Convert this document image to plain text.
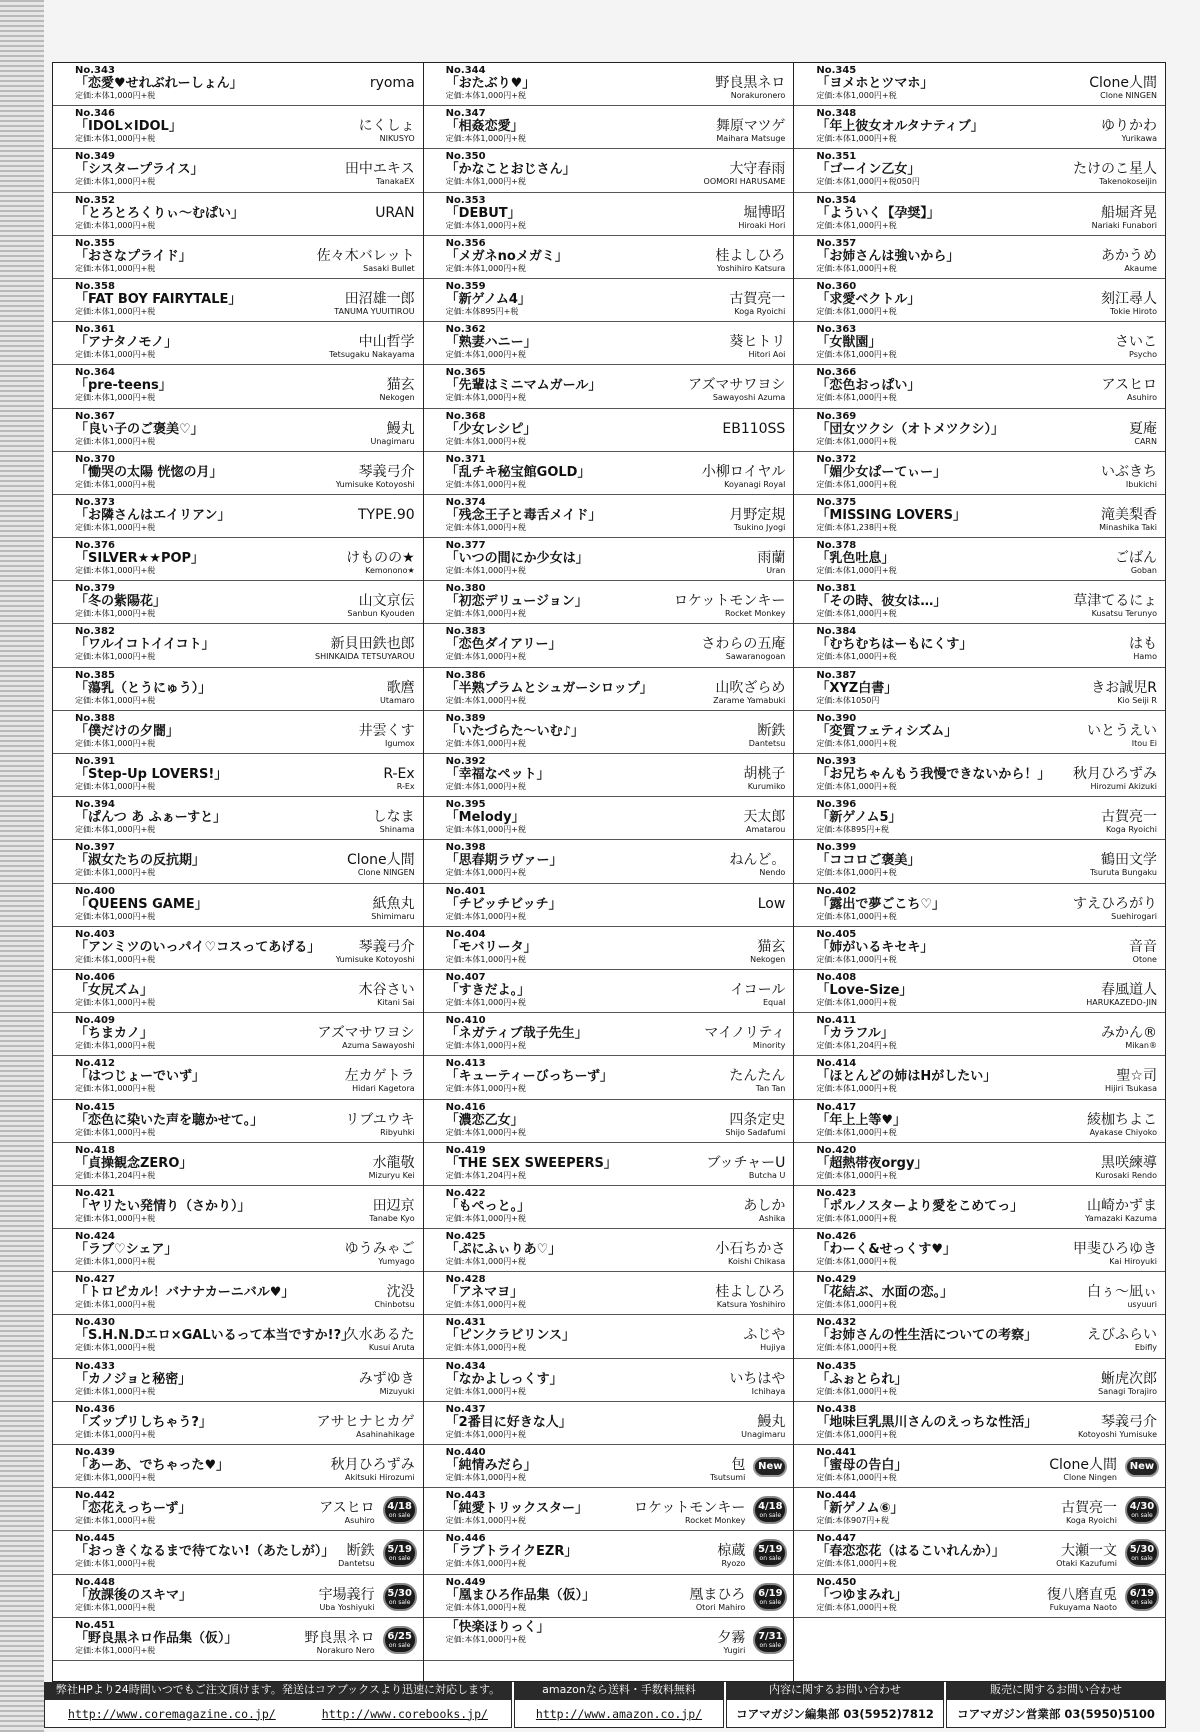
No.343
「恋愛♥せれぶれーしょん」
定価:本体1,000円+税
ryoma
No.346
「IDOL×IDOL」
定価:本体1,000円+税
にくしょ
NIKUSYO
No.349
「シスタープライス」
定価:本体1,000円+税
田中エキス
TanakaEX
No.352
「とろとろくりぃ〜むぱい」
定価:本体1,000円+税
URAN
No.355
「おさなプライド」
定価:本体1,000円+税
佐々木バレット
Sasaki Bullet
No.358
「FAT BOY FAIRYTALE」
定価:本体1,000円+税
田沼雄一郎
TANUMA YUUITIROU
No.361
「アナタノモノ」
定価:本体1,000円+税
中山哲学
Tetsugaku Nakayama
No.364
「pre-teens」
定価:本体1,000円+税
猫玄
Nekogen
No.367
「良い子のご褒美♡」
定価:本体1,000円+税
鰻丸
Unagimaru
No.370
「慟哭の太陽 恍惚の月」
定価:本体1,000円+税
琴義弓介
Yumisuke Kotoyoshi
No.373
「お隣さんはエイリアン」
定価:本体1,000円+税
TYPE.90
No.376
「SILVER★★POP」
定価:本体1,000円+税
けものの★
Kemonono★
No.379
「冬の紫陽花」
定価:本体1,000円+税
山文京伝
Sanbun Kyouden
No.382
「ワルイコトイイコト」
定価:本体1,000円+税
新貝田鉄也郎
SHINKAIDA TETSUYAROU
No.385
「蕩乳（とうにゅう）」
定価:本体1,000円+税
歌麿
Utamaro
No.388
「僕だけの夕闇」
定価:本体1,000円+税
井雲くす
Igumox
No.391
「Step-Up LOVERS!」
定価:本体1,000円+税
R-Ex
R-Ex
No.394
「ぱんつ あ ふぁーすと」
定価:本体1,000円+税
しなま
Shinama
No.397
「淑女たちの反抗期」
定価:本体1,000円+税
Clone人間
Clone NINGEN
No.400
「QUEENS GAME」
定価:本体1,000円+税
紙魚丸
Shimimaru
No.403
「アンミツのいっパイ♡コスってあげる」
定価:本体1,000円+税
琴義弓介
Yumisuke Kotoyoshi
No.406
「女尻ズム」
定価:本体1,000円+税
木谷さい
Kitani Sai
No.409
「ちまカノ」
定価:本体1,000円+税
アズマサワヨシ
Azuma Sawayoshi
No.412
「はつじょーでいず」
定価:本体1,000円+税
左カゲトラ
Hidari Kagetora
No.415
「恋色に染いた声を聴かせて。」
定価:本体1,000円+税
リブユウキ
Ribyuhki
No.418
「貞操観念ZERO」
定価:本体1,204円+税
水龍敬
Mizuryu Kei
No.421
「ヤリたい発情り（さかり）」
定価:本体1,000円+税
田辺京
Tanabe Kyo
No.424
「ラブ♡シェア」
定価:本体1,000円+税
ゆうみゃご
Yumyago
No.427
「トロピカル！バナナカーニバル♥」
定価:本体1,000円+税
沈没
Chinbotsu
No.430
「S.H.N.Dエロ×GALいるって本当ですか!?」
定価:本体1,000円+税
久水あるた
Kusui Aruta
No.433
「カノジョと秘密」
定価:本体1,000円+税
みずゆき
Mizuyuki
No.436
「ズップリしちゃう?」
定価:本体1,000円+税
アサヒナヒカゲ
Asahinahikage
No.439
「あーあ、でちゃった♥」
定価:本体1,000円+税
秋月ひろずみ
Akitsuki Hirozumi
No.442
「恋花えっちーず」
定価:本体1,000円+税
アスヒロ
Asuhiro
4/18
on sale
No.445
「おっきくなるまで待てない!（あたしが）」
定価:本体1,000円+税
断鉄
Dantetsu
5/19
on sale
No.448
「放課後のスキマ」
定価:本体1,000円+税
宇場義行
Uba Yoshiyuki
5/30
on sale
No.451
「野良黒ネロ作品集（仮）」
定価:本体1,000円+税
野良黒ネロ
Norakuro Nero
6/25
on sale
No.344
「おたぶり♥」
定価:本体1,000円+税
野良黒ネロ
Norakuronero
No.347
「相姦恋愛」
定価:本体1,000円+税
舞原マツゲ
Maihara Matsuge
No.350
「かなことおじさん」
定価:本体1,000円+税
大守春雨
OOMORI HARUSAME
No.353
「DEBUT」
定価:本体1,000円+税
堀博昭
Hiroaki Hori
No.356
「メガネnoメガミ」
定価:本体1,000円+税
桂よしひろ
Yoshihiro Katsura
No.359
「新ゲノム4」
定価:本体895円+税
古賀亮一
Koga Ryoichi
No.362
「熟妻ハニー」
定価:本体1,000円+税
葵ヒトリ
Hitori Aoi
No.365
「先輩はミニマムガール」
定価:本体1,000円+税
アズマサワヨシ
Sawayoshi Azuma
No.368
「少女レシピ」
定価:本体1,000円+税
EB110SS
No.371
「乱チキ秘宝館GOLD」
定価:本体1,000円+税
小柳ロイヤル
Koyanagi Royal
No.374
「残念王子と毒舌メイド」
定価:本体1,000円+税
月野定規
Tsukino Jyogi
No.377
「いつの間にか少女は」
定価:本体1,000円+税
雨蘭
Uran
No.380
「初恋デリュージョン」
定価:本体1,000円+税
ロケットモンキー
Rocket Monkey
No.383
「恋色ダイアリー」
定価:本体1,000円+税
さわらの五庵
Sawaranogoan
No.386
「半熟プラムとシュガーシロップ」
定価:本体1,000円+税
山吹ざらめ
Zarame Yamabuki
No.389
「いたづらた〜いむ♪」
定価:本体1,000円+税
断鉄
Dantetsu
No.392
「幸福なペット」
定価:本体1,000円+税
胡桃子
Kurumiko
No.395
「Melody」
定価:本体1,000円+税
天太郎
Amatarou
No.398
「思春期ラヴァー」
定価:本体1,000円+税
ねんど。
Nendo
No.401
「チビッチビッチ」
定価:本体1,000円+税
Low
No.404
「モバリータ」
定価:本体1,000円+税
猫玄
Nekogen
No.407
「すきだよ。」
定価:本体1,000円+税
イコール
Equal
No.410
「ネガティブ哉子先生」
定価:本体1,000円+税
マイノリティ
Minority
No.413
「キューティーびっちーず」
定価:本体1,000円+税
たんたん
Tan Tan
No.416
「濃恋乙女」
定価:本体1,000円+税
四条定史
Shijo Sadafumi
No.419
「THE SEX SWEEPERS」
定価:本体1,204円+税
ブッチャーU
Butcha U
No.422
「もぺっと。」
定価:本体1,000円+税
あしか
Ashika
No.425
「ぷにふぃりあ♡」
定価:本体1,000円+税
小石ちかさ
Koishi Chikasa
No.428
「アネマヨ」
定価:本体1,000円+税
桂よしひろ
Katsura Yoshihiro
No.431
「ピンクラビリンス」
定価:本体1,000円+税
ふじや
Hujiya
No.434
「なかよしっくす」
定価:本体1,000円+税
いちはや
Ichihaya
No.437
「2番目に好きな人」
定価:本体1,000円+税
鰻丸
Unagimaru
No.440
「純情みだら」
定価:本体1,000円+税
包
Tsutsumi
New
No.443
「純愛トリックスター」
定価:本体1,000円+税
ロケットモンキー
Rocket Monkey
4/18
on sale
No.446
「ラブトライクEZR」
定価:本体1,000円+税
椋蔵
Ryozo
5/19
on sale
No.449
「凰まひろ作品集（仮）」
定価:本体1,000円+税
凰まひろ
Otori Mahiro
6/19
on sale
「快楽ほりっく」
定価:本体1,000円+税	夕霧
Yugiri
7/31
on sale
No.345
「ヨメホとツマホ」
定価:本体1,000円+税
Clone人間
Clone NINGEN
No.348
「年上彼女オルタナティブ」
定価:本体1,000円+税
ゆりかわ
Yurikawa
No.351
「ゴーイン乙女」
定価:本体1,000円+税050円
たけのこ星人
Takenokoseijin
No.354
「よういく【孕奨】」
定価:本体1,000円+税
船堀斉晃
Nariaki Funabori
No.357
「お姉さんは強いから」
定価:本体1,000円+税
あかうめ
Akaume
No.360
「求愛ベクトル」
定価:本体1,000円+税
刻江尋人
Tokie Hiroto
No.363
「女獣園」
定価:本体1,000円+税
さいこ
Psycho
No.366
「恋色おっぱい」
定価:本体1,000円+税
アスヒロ
Asuhiro
No.369
「団女ツクシ（オトメツクシ）」
定価:本体1,000円+税
夏庵
CARN
No.372
「媚少女ぱーてぃー」
定価:本体1,000円+税
いぶきち
Ibukichi
No.375
「MISSING LOVERS」
定価:本体1,238円+税
滝美梨香
Minashika Taki
No.378
「乳色吐息」
定価:本体1,000円+税
ごばん
Goban
No.381
「その時、彼女は…」
定価:本体1,000円+税
草津てるにょ
Kusatsu Terunyo
No.384
「むちむちはーもにくす」
定価:本体1,000円+税
はも
Hamo
No.387
「XYZ白書」
定価:本体1050円
きお誠児R
Kio Seiji R
No.390
「変質フェティシズム」
定価:本体1,000円+税
いとうえい
Itou Ei
No.393
「お兄ちゃんもう我慢できないから！」
定価:本体1,000円+税
秋月ひろずみ
Hirozumi Akizuki
No.396
「新ゲノム5」
定価:本体895円+税
古賀亮一
Koga Ryoichi
No.399
「ココロご褒美」
定価:本体1,000円+税
鶴田文学
Tsuruta Bungaku
No.402
「露出で夢ごこち♡」
定価:本体1,000円+税
すえひろがり
Suehirogari
No.405
「姉がいるキセキ」
定価:本体1,000円+税
音音
Otone
No.408
「Love-Size」
定価:本体1,000円+税
春風道人
HARUKAZEDO-JIN
No.411
「カラフル」
定価:本体1,204円+税
みかん®
Mikan®
No.414
「ほとんどの姉はHがしたい」
定価:本体1,000円+税
聖☆司
Hijiri Tsukasa
No.417
「年上上等♥」
定価:本体1,000円+税
綾枷ちよこ
Ayakase Chiyoko
No.420
「超熱帯夜orgy」
定価:本体1,000円+税
黒咲練導
Kurosaki Rendo
No.423
「ポルノスターより愛をこめてっ」
定価:本体1,000円+税
山崎かずま
Yamazaki Kazuma
No.426
「わーく&せっくす♥」
定価:本体1,000円+税
甲斐ひろゆき
Kai Hiroyuki
No.429
「花結ぶ、水面の恋。」
定価:本体1,000円+税
白ぅ〜凪ぃ
usyuuri
No.432
「お姉さんの性生活についての考察」
定価:本体1,000円+税
えびふらい
Ebifly
No.435
「ふぉとられ」
定価:本体1,000円+税
蜥虎次郎
Sanagi Torajiro
No.438
「地味巨乳黒川さんのえっちな性活」
定価:本体1,000円+税
琴義弓介
Kotoyoshi Yumisuke
No.441
「蜜母の告白」
定価:本体1,000円+税
Clone人間
Clone Ningen
New
No.444
「新ゲノム⑥」
定価:本体907円+税
古賀亮一
Koga Ryoichi
4/30
on sale
No.447
「春恋恋花（はるこいれんか）」
定価:本体1,000円+税
大瀬一文
Otaki Kazufumi
5/30
on sale
No.450
「つゆまみれ」
定価:本体1,000円+税
復八磨直兎
Fukuyama Naoto
6/19
on sale
弊社HPより24時間いつでもご注文頂けます。発送はコアブックスより迅速に対応します。
http://www.coremagazine.co.jp/	http://www.corebooks.jp/
amazonなら送料・手数料無料
http://www.amazon.co.jp/
内容に関するお問い合わせ
コアマガジン編集部 03(5952)7812
販売に関するお問い合わせ
コアマガジン営業部 03(5950)5100
